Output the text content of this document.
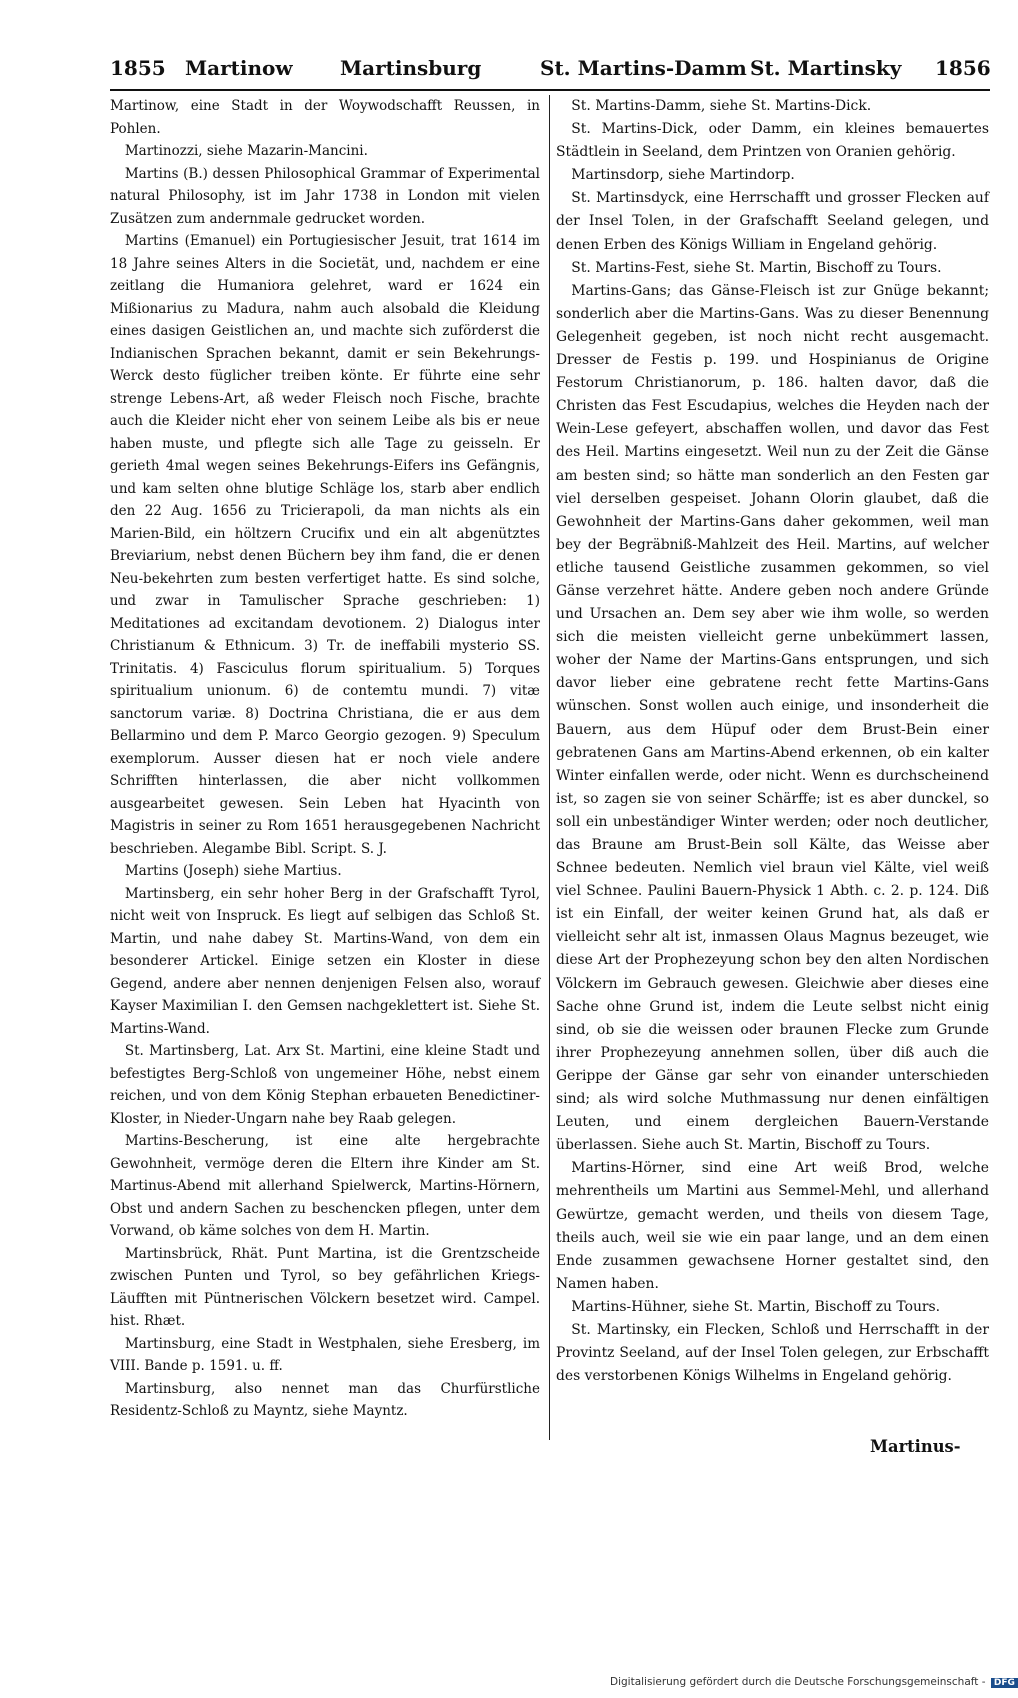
1855 Martinow Martinsburg	St. Martins-Damm St. Martinsky 1856

Martinow, eine Stadt in der Woywodschafft Reussen, in Pohlen.

Martinozzi, siehe Mazarin-Mancini.

Martins (B.) dessen Philosophical Grammar of Experimental natural Philosophy, ist im Jahr 1738 in London mit vielen Zusätzen zum andernmale gedrucket worden.

Martins (Emanuel) ein Portugiesischer Jesuit, trat 1614 im 18 Jahre seines Alters in die Societät, und, nachdem er eine zeitlang die Humaniora gelehret, ward er 1624 ein Mißionarius zu Madura, nahm auch alsobald die Kleidung eines dasigen Geistlichen an, und machte sich zuförderst die Indianischen Sprachen bekannt, damit er sein Bekehrungs-Werck desto füglicher treiben könte. Er führte eine sehr strenge Lebens-Art, aß weder Fleisch noch Fische, brachte auch die Kleider nicht eher von seinem Leibe als bis er neue haben muste, und pflegte sich alle Tage zu geisseln. Er gerieth 4mal wegen seines Bekehrungs-Eifers ins Gefängnis, und kam selten ohne blutige Schläge los, starb aber endlich den 22 Aug. 1656 zu Tricierapoli, da man nichts als ein Marien-Bild, ein höltzern Crucifix und ein alt abgenütztes Breviarium, nebst denen Büchern bey ihm fand, die er denen Neu-bekehrten zum besten verfertiget hatte. Es sind solche, und zwar in Tamulischer Sprache geschrieben: 1) Meditationes ad excitandam devotionem. 2) Dialogus inter Christianum & Ethnicum. 3) Tr. de ineffabili mysterio SS. Trinitatis. 4) Fasciculus florum spiritualium. 5) Torques spiritualium unionum. 6) de contemtu mundi. 7) vitæ sanctorum variæ. 8) Doctrina Christiana, die er aus dem Bellarmino und dem P. Marco Georgio gezogen. 9) Speculum exemplorum. Ausser diesen hat er noch viele andere Schrifften hinterlassen, die aber nicht vollkommen ausgearbeitet gewesen. Sein Leben hat Hyacinth von Magistris in seiner zu Rom 1651 herausgegebenen Nachricht beschrieben. Alegambe Bibl. Script. S. J.

Martins (Joseph) siehe Martius.

Martinsberg, ein sehr hoher Berg in der Grafschafft Tyrol, nicht weit von Inspruck. Es liegt auf selbigen das Schloß St. Martin, und nahe dabey St. Martins-Wand, von dem ein besonderer Artickel. Einige setzen ein Kloster in diese Gegend, andere aber nennen denjenigen Felsen also, worauf Kayser Maximilian I. den Gemsen nachgeklettert ist. Siehe St. Martins-Wand.

St. Martinsberg, Lat. Arx St. Martini, eine kleine Stadt und befestigtes Berg-Schloß von ungemeiner Höhe, nebst einem reichen, und von dem König Stephan erbaueten Benedictiner-Kloster, in Nieder-Ungarn nahe bey Raab gelegen.

Martins-Bescherung, ist eine alte hergebrachte Gewohnheit, vermöge deren die Eltern ihre Kinder am St. Martinus-Abend mit allerhand Spielwerck, Martins-Hörnern, Obst und andern Sachen zu beschencken pflegen, unter dem Vorwand, ob käme solches von dem H. Martin.

Martinsbrück, Rhät. Punt Martina, ist die Grentzscheide zwischen Punten und Tyrol, so bey gefährlichen Kriegs-Läufften mit Püntnerischen Völckern besetzet wird. Campel. hist. Rhæt.

Martinsburg, eine Stadt in Westphalen, siehe Eresberg, im VIII. Bande p. 1591. u. ff.

Martinsburg, also nennet man das Churfürstliche Residentz-Schloß zu Mayntz, siehe Mayntz.

St. Martins-Damm, siehe St. Martins-Dick.

St. Martins-Dick, oder Damm, ein kleines bemauertes Städtlein in Seeland, dem Printzen von Oranien gehörig.

Martinsdorp, siehe Martindorp.

St. Martinsdyck, eine Herrschafft und grosser Flecken auf der Insel Tolen, in der Grafschafft Seeland gelegen, und denen Erben des Königs William in Engeland gehörig.

St. Martins-Fest, siehe St. Martin, Bischoff zu Tours.

Martins-Gans; das Gänse-Fleisch ist zur Gnüge bekannt; sonderlich aber die Martins-Gans. Was zu dieser Benennung Gelegenheit gegeben, ist noch nicht recht ausgemacht. Dresser de Festis p. 199. und Hospinianus de Origine Festorum Christianorum, p. 186. halten davor, daß die Christen das Fest Escudapius, welches die Heyden nach der Wein-Lese gefeyert, abschaffen wollen, und davor das Fest des Heil. Martins eingesetzt. Weil nun zu der Zeit die Gänse am besten sind; so hätte man sonderlich an den Festen gar viel derselben gespeiset. Johann Olorin glaubet, daß die Gewohnheit der Martins-Gans daher gekommen, weil man bey der Begräbniß-Mahlzeit des Heil. Martins, auf welcher etliche tausend Geistliche zusammen gekommen, so viel Gänse verzehret hätte. Andere geben noch andere Gründe und Ursachen an. Dem sey aber wie ihm wolle, so werden sich die meisten vielleicht gerne unbekümmert lassen, woher der Name der Martins-Gans entsprungen, und sich davor lieber eine gebratene recht fette Martins-Gans wünschen. Sonst wollen auch einige, und insonderheit die Bauern, aus dem Hüpuf oder dem Brust-Bein einer gebratenen Gans am Martins-Abend erkennen, ob ein kalter Winter einfallen werde, oder nicht. Wenn es durchscheinend ist, so zagen sie von seiner Schärffe; ist es aber dunckel, so soll ein unbeständiger Winter werden; oder noch deutlicher, das Braune am Brust-Bein soll Kälte, das Weisse aber Schnee bedeuten. Nemlich viel braun viel Kälte, viel weiß viel Schnee. Paulini Bauern-Physick 1 Abth. c. 2. p. 124. Diß ist ein Einfall, der weiter keinen Grund hat, als daß er vielleicht sehr alt ist, inmassen Olaus Magnus bezeuget, wie diese Art der Prophezeyung schon bey den alten Nordischen Völckern im Gebrauch gewesen. Gleichwie aber dieses eine Sache ohne Grund ist, indem die Leute selbst nicht einig sind, ob sie die weissen oder braunen Flecke zum Grunde ihrer Prophezeyung annehmen sollen, über diß auch die Gerippe der Gänse gar sehr von einander unterschieden sind; als wird solche Muthmassung nur denen einfältigen Leuten, und einem dergleichen Bauern-Verstande überlassen. Siehe auch St. Martin, Bischoff zu Tours.

Martins-Hörner, sind eine Art weiß Brod, welche mehrentheils um Martini aus Semmel-Mehl, und allerhand Gewürtze, gemacht werden, und theils von diesem Tage, theils auch, weil sie wie ein paar lange, und an dem einen Ende zusammen gewachsene Horner gestaltet sind, den Namen haben.

Martins-Hühner, siehe St. Martin, Bischoff zu Tours.

St. Martinsky, ein Flecken, Schloß und Herrschafft in der Provintz Seeland, auf der Insel Tolen gelegen, zur Erbschafft des verstorbenen Königs Wilhelms in Engeland gehörig.

Martinus-
Digitalisierung gefördert durch die Deutsche Forschungsgemeinschaft - DFG
